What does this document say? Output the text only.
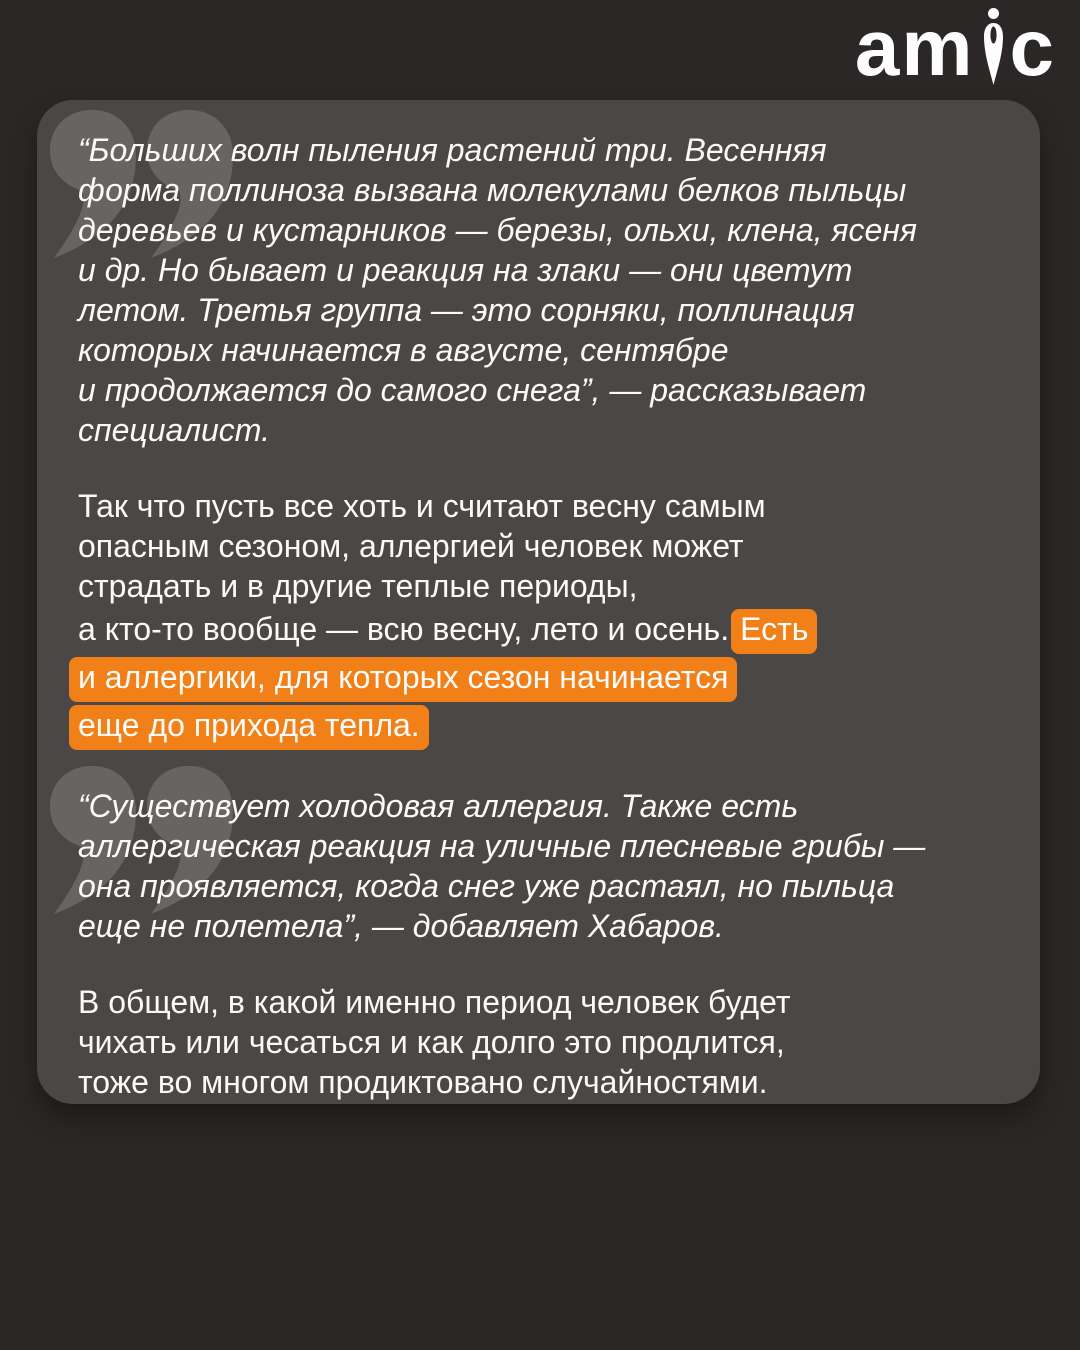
am c
“Больших волн пыления растений три. Весенняя
форма поллиноза вызвана молекулами белков пыльцы
деревьев и кустарников — березы, ольхи, клена, ясеня
и др. Но бывает и реакция на злаки — они цветут
летом. Третья группа — это сорняки, поллинация
которых начинается в августе, сентябре
и продолжается до самого снега”, — рассказывает
специалист.
Так что пусть все хоть и считают весну самым
опасным сезоном, аллергией человек может
страдать и в другие теплые периоды,
а кто-то вообще — всю весну, лето и осень. Есть
и аллергики, для которых сезон начинается
еще до прихода тепла.
“Существует холодовая аллергия. Также есть
аллергическая реакция на уличные плесневые грибы —
она проявляется, когда снег уже растаял, но пыльца
еще не полетела”, — добавляет Хабаров.
В общем, в какой именно период человек будет
чихать или чесаться и как долго это продлится,
тоже во многом продиктовано случайностями.
